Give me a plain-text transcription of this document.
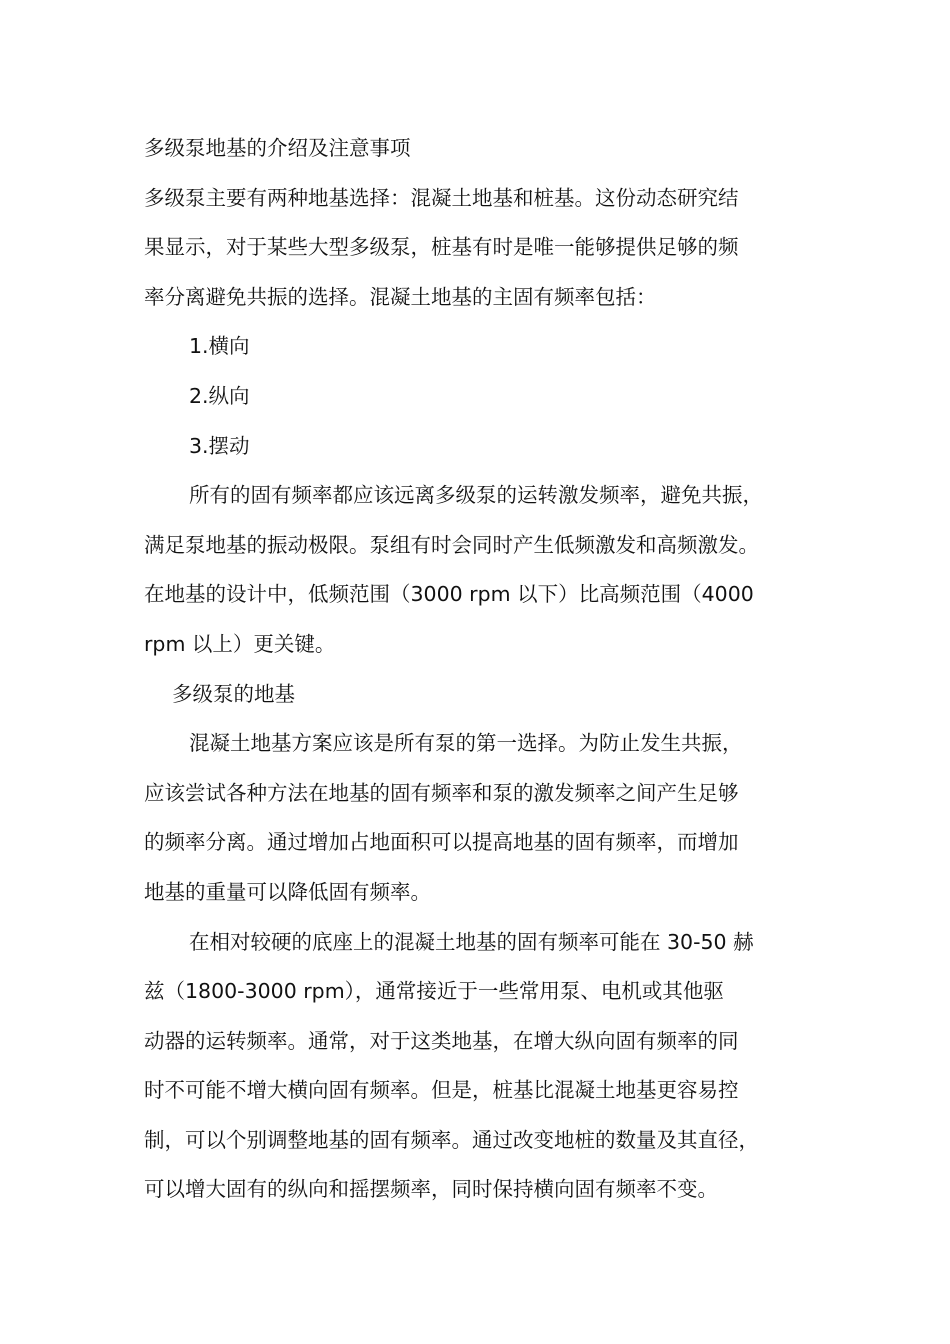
多级泵地基的介绍及注意事项
多级泵主要有两种地基选择：混凝土地基和桩基。这份动态研究结
果显示，对于某些大型多级泵，桩基有时是唯一能够提供足够的频
率分离避免共振的选择。混凝土地基的主固有频率包括：
1.横向
2.纵向
3.摆动
所有的固有频率都应该远离多级泵的运转激发频率，避免共振，
满足泵地基的振动极限。泵组有时会同时产生低频激发和高频激发。
在地基的设计中，低频范围（3000 rpm 以下）比高频范围（4000
rpm 以上）更关键。
多级泵的地基
混凝土地基方案应该是所有泵的第一选择。为防止发生共振，
应该尝试各种方法在地基的固有频率和泵的激发频率之间产生足够
的频率分离。通过增加占地面积可以提高地基的固有频率，而增加
地基的重量可以降低固有频率。
在相对较硬的底座上的混凝土地基的固有频率可能在 30-50 赫
兹（1800-3000 rpm），通常接近于一些常用泵、电机或其他驱
动器的运转频率。通常，对于这类地基，在增大纵向固有频率的同
时不可能不增大横向固有频率。但是，桩基比混凝土地基更容易控
制，可以个别调整地基的固有频率。通过改变地桩的数量及其直径，
可以增大固有的纵向和摇摆频率，同时保持横向固有频率不变。
